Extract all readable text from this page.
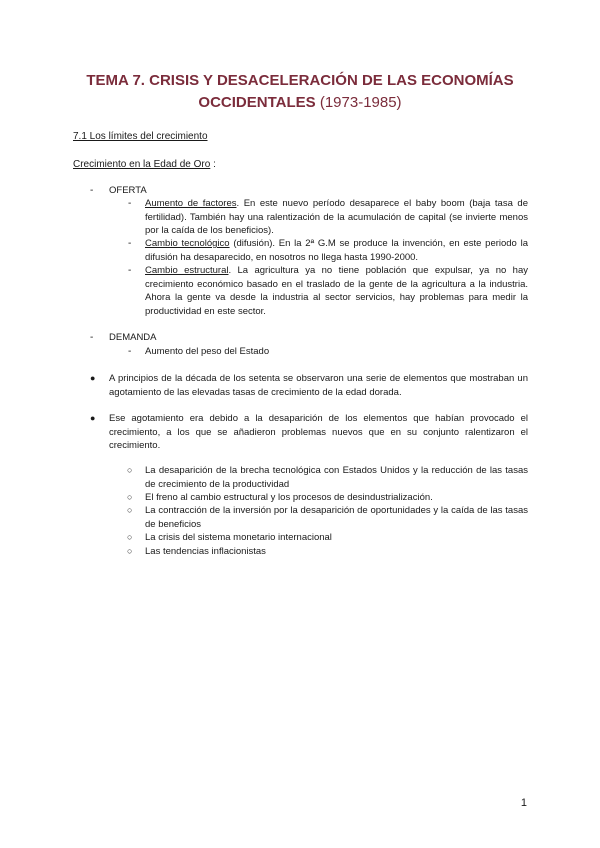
TEMA 7. CRISIS Y DESACELERACIÓN DE LAS ECONOMÍAS OCCIDENTALES (1973-1985)
7.1 Los límites del crecimiento
Crecimiento en la Edad de Oro :
- OFERTA
- Aumento de factores. En este nuevo período desaparece el baby boom (baja tasa de fertilidad). También hay una ralentización de la acumulación de capital (se invierte menos por la caída de los beneficios).
- Cambio tecnológico (difusión). En la 2ª G.M se produce la invención, en este periodo la difusión ha desaparecido, en nosotros no llega hasta 1990-2000.
- Cambio estructural. La agricultura ya no tiene población que expulsar, ya no hay crecimiento económico basado en el traslado de la gente de la agricultura a la industria. Ahora la gente va desde la industria al sector servicios, hay problemas para medir la productividad en este sector.
- DEMANDA
- Aumento del peso del Estado
● A principios de la década de los setenta se observaron una serie de elementos que mostraban un agotamiento de las elevadas tasas de crecimiento de la edad dorada.
● Ese agotamiento era debido a la desaparición de los elementos que habían provocado el crecimiento, a los que se añadieron problemas nuevos que en su conjunto ralentizaron el crecimiento.
○ La desaparición de la brecha tecnológica con Estados Unidos y la reducción de las tasas de crecimiento de la productividad
○ El freno al cambio estructural y los procesos de desindustrialización.
○ La contracción de la inversión por la desaparición de oportunidades y la caída de las tasas de beneficios
○ La crisis del sistema monetario internacional
○ Las tendencias inflacionistas
1
